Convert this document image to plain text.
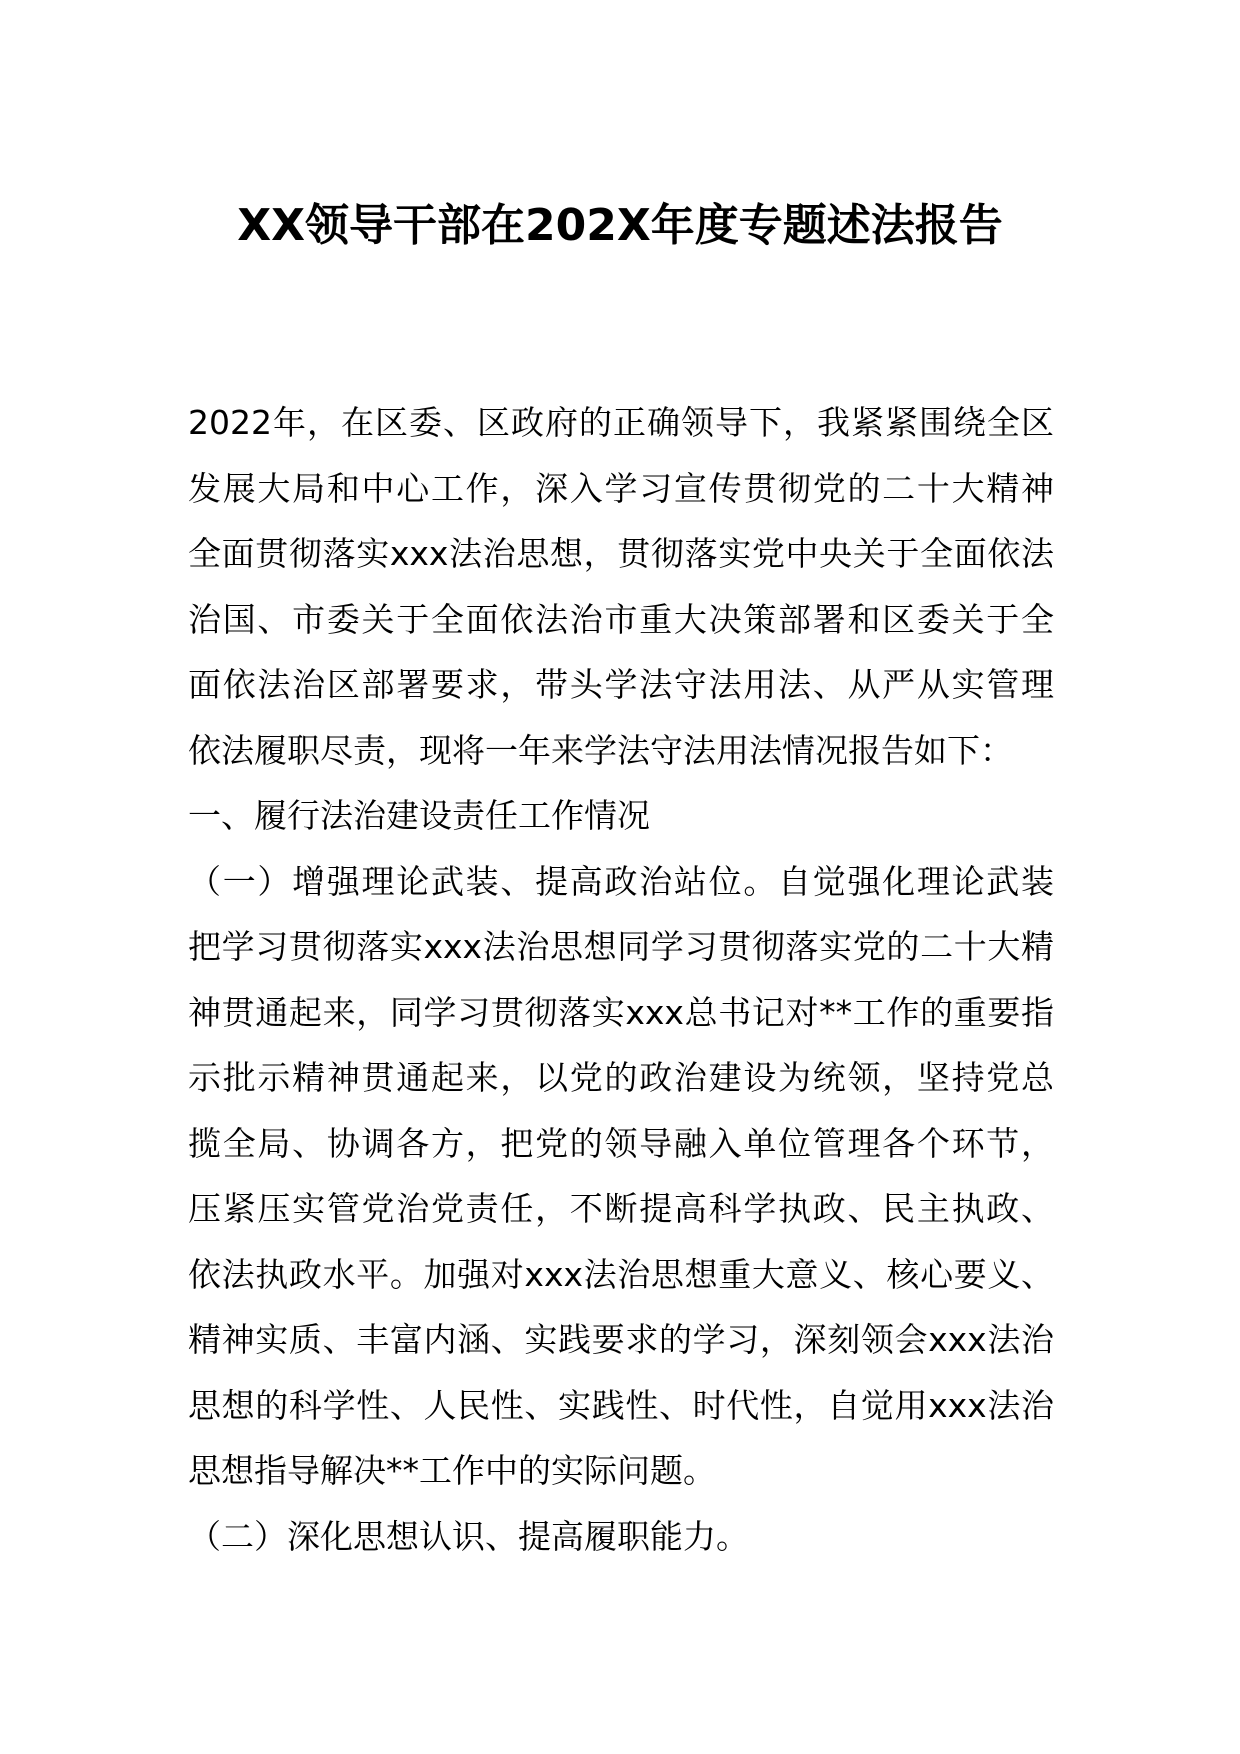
XX领导干部在202X年度专题述法报告
2022年，在区委、区政府的正确领导下，我紧紧围绕全区
发展大局和中心工作，深入学习宣传贯彻党的二十大精神
全面贯彻落实xxx法治思想，贯彻落实党中央关于全面依法
治国、市委关于全面依法治市重大决策部署和区委关于全
面依法治区部署要求，带头学法守法用法、从严从实管理
依法履职尽责，现将一年来学法守法用法情况报告如下：
一、履行法治建设责任工作情况
（一）增强理论武装、提高政治站位。自觉强化理论武装
把学习贯彻落实xxx法治思想同学习贯彻落实党的二十大精
神贯通起来，同学习贯彻落实xxx总书记对**工作的重要指
示批示精神贯通起来，以党的政治建设为统领，坚持党总
揽全局、协调各方，把党的领导融入单位管理各个环节，
压紧压实管党治党责任，不断提高科学执政、民主执政、
依法执政水平。加强对xxx法治思想重大意义、核心要义、
精神实质、丰富内涵、实践要求的学习，深刻领会xxx法治
思想的科学性、人民性、实践性、时代性，自觉用xxx法治
思想指导解决**工作中的实际问题。
（二）深化思想认识、提高履职能力。
